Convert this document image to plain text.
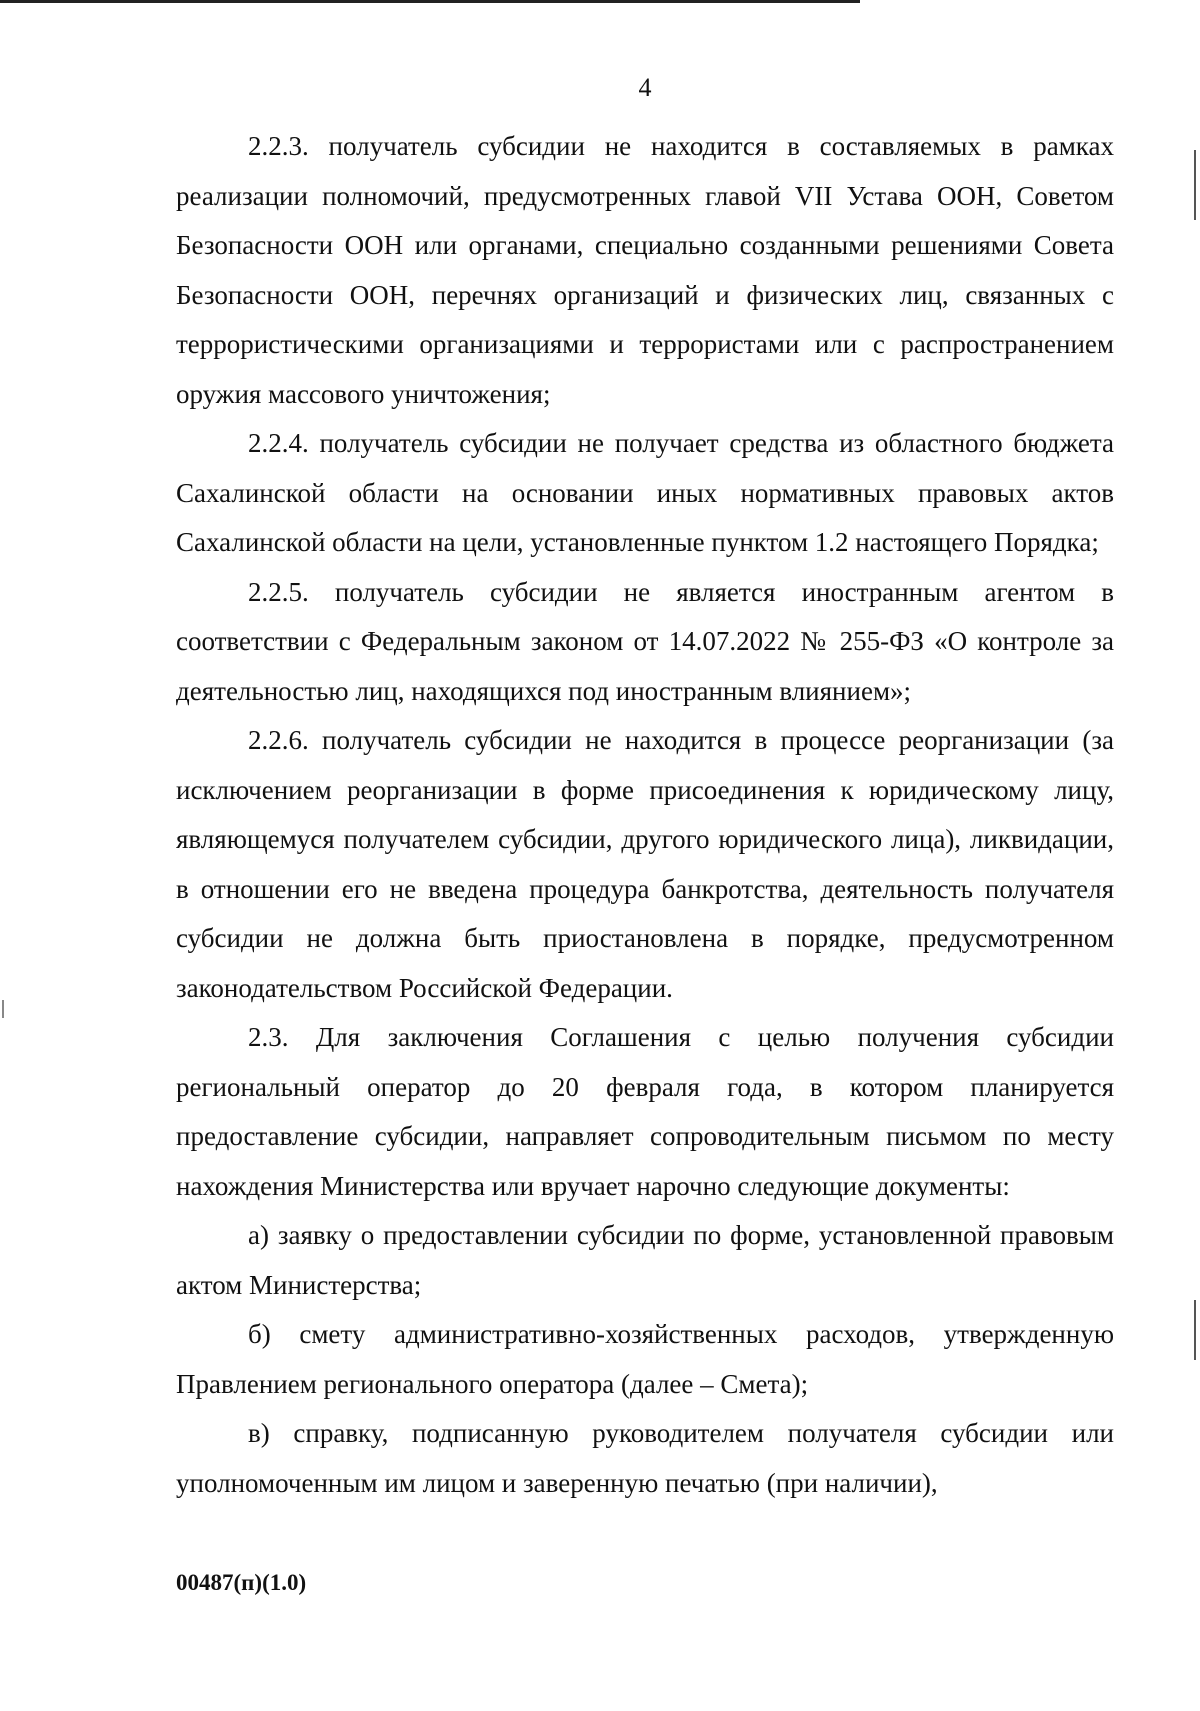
4

2.2.3. получатель субсидии не находится в составляемых в рамках реализации полномочий, предусмотренных главой VII Устава ООН, Советом Безопасности ООН или органами, специально созданными решениями Совета Безопасности ООН, перечнях организаций и физических лиц, связанных с террористическими организациями и террористами или с распространением оружия массового уничтожения;

2.2.4. получатель субсидии не получает средства из областного бюджета Сахалинской области на основании иных нормативных правовых актов Сахалинской области на цели, установленные пунктом 1.2 настоящего Порядка;

2.2.5. получатель субсидии не является иностранным агентом в соответствии с Федеральным законом от 14.07.2022 № 255-ФЗ «О контроле за деятельностью лиц, находящихся под иностранным влиянием»;

2.2.6. получатель субсидии не находится в процессе реорганизации (за исключением реорганизации в форме присоединения к юридическому лицу, являющемуся получателем субсидии, другого юридического лица), ликвидации, в отношении его не введена процедура банкротства, деятельность получателя субсидии не должна быть приостановлена в порядке, предусмотренном законодательством Российской Федерации.

2.3. Для заключения Соглашения с целью получения субсидии региональный оператор до 20 февраля года, в котором планируется предоставление субсидии, направляет сопроводительным письмом по месту нахождения Министерства или вручает нарочно следующие документы:

а) заявку о предоставлении субсидии по форме, установленной правовым актом Министерства;

б) смету административно-хозяйственных расходов, утвержденную Правлением регионального оператора (далее – Смета);

в) справку, подписанную руководителем получателя субсидии или уполномоченным им лицом и заверенную печатью (при наличии),

00487(п)(1.0)
